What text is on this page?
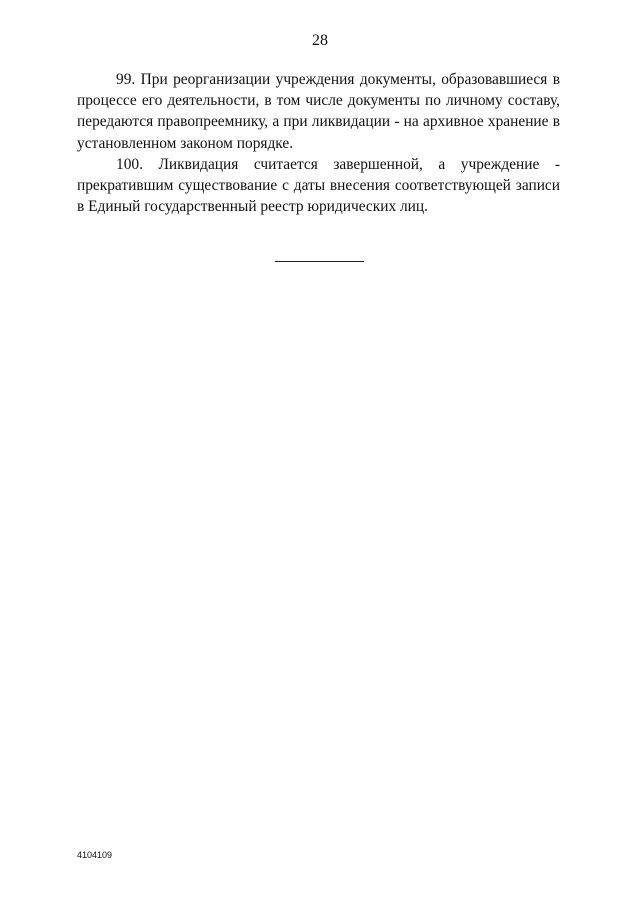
28

99. При реорганизации учреждения документы, образовавшиеся в процессе его деятельности, в том числе документы по личному составу, передаются правопреемнику, а при ликвидации - на архивное хранение в установленном законом порядке.

100. Ликвидация считается завершенной, а учреждение - прекратившим существование с даты внесения соответствующей записи в Единый государственный реестр юридических лиц.

4104109
